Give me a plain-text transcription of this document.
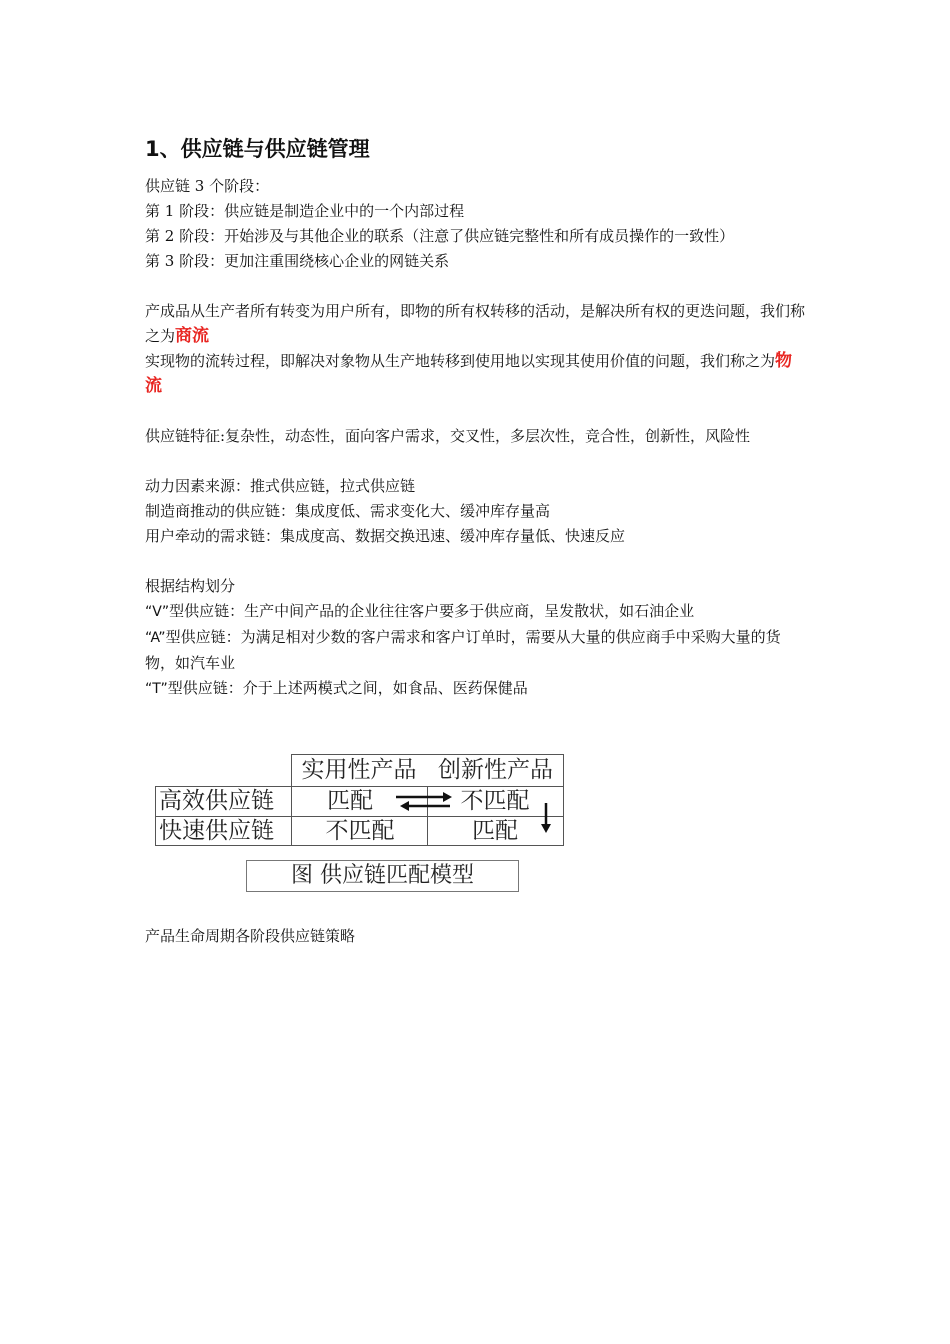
1、供应链与供应链管理

供应链 3 个阶段：

第 1 阶段：供应链是制造企业中的一个内部过程

第 2 阶段：开始涉及与其他企业的联系（注意了供应链完整性和所有成员操作的一致性）

第 3 阶段：更加注重围绕核心企业的网链关系

产成品从生产者所有转变为用户所有，即物的所有权转移的活动，是解决所有权的更迭问题，我们称之为商流

实现物的流转过程，即解决对象物从生产地转移到使用地以实现其使用价值的问题，我们称之为物流

供应链特征:复杂性，动态性，面向客户需求，交叉性，多层次性，竞合性，创新性，风险性

动力因素来源：推式供应链，拉式供应链

制造商推动的供应链：集成度低、需求变化大、缓冲库存量高

用户牵动的需求链：集成度高、数据交换迅速、缓冲库存量低、快速反应

根据结构划分

“V”型供应链：生产中间产品的企业往往客户要多于供应商，呈发散状，如石油企业

“A”型供应链：为满足相对少数的客户需求和客户订单时，需要从大量的供应商手中采购大量的货物，如汽车业

“T”型供应链：介于上述两模式之间，如食品、医药保健品

实用性产品 创新性产品
高效供应链
快速供应链
匹配	不匹配
不匹配	匹配
图 供应链匹配模型

产品生命周期各阶段供应链策略
